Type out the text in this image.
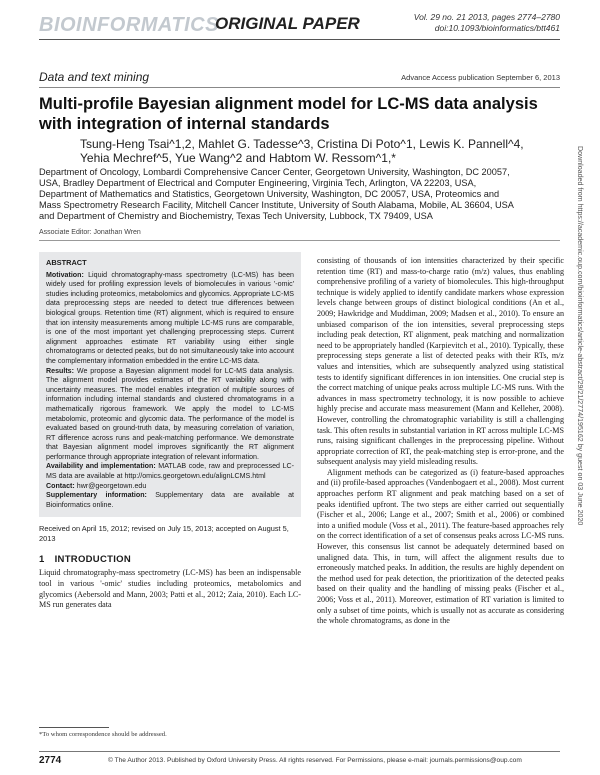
BIOINFORMATICS
ORIGINAL PAPER	Vol. 29 no. 21 2013, pages 2774–2780
doi:10.1093/bioinformatics/btt461
Data and text mining	Advance Access publication September 6, 2013
Multi-profile Bayesian alignment model for LC-MS data analysis with integration of internal standards
Tsung-Heng Tsai^1,2, Mahlet G. Tadesse^3, Cristina Di Poto^1, Lewis K. Pannell^4,
Yehia Mechref^5, Yue Wang^2 and Habtom W. Ressom^1,*
Department of Oncology, Lombardi Comprehensive Cancer Center, Georgetown University, Washington, DC 20057,
USA, Bradley Department of Electrical and Computer Engineering, Virginia Tech, Arlington, VA 22203, USA,
Department of Mathematics and Statistics, Georgetown University, Washington, DC 20057, USA, Proteomics and
Mass Spectrometry Research Facility, Mitchell Cancer Institute, University of South Alabama, Mobile, AL 36604, USA
and Department of Chemistry and Biochemistry, Texas Tech University, Lubbock, TX 79409, USA
Associate Editor: Jonathan Wren

ABSTRACT

Motivation: Liquid chromatography-mass spectrometry (LC-MS) has been widely used for profiling expression levels of biomolecules in various '-omic' studies including proteomics, metabolomics and glycomics. Appropriate LC-MS data preprocessing steps are needed to detect true differences between biological groups. Retention time (RT) alignment, which is required to ensure that ion intensity measurements among multiple LC-MS runs are comparable, is one of the most important yet challenging preprocessing steps. Current alignment approaches estimate RT variability using either single chromatograms or detected peaks, but do not simultaneously take into account the complementary information embedded in the entire LC-MS data.

Results: We propose a Bayesian alignment model for LC-MS data analysis. The alignment model provides estimates of the RT variability along with uncertainty measures. The model enables integration of multiple sources of information including internal standards and clustered chromatograms in a mathematically rigorous framework. We apply the model to LC-MS metabolomic, proteomic and glycomic data. The performance of the model is evaluated based on ground-truth data, by measuring correlation of variation, RT difference across runs and peak-matching performance. We demonstrate that Bayesian alignment model improves significantly the RT alignment performance through appropriate integration of relevant information.

Availability and implementation: MATLAB code, raw and preprocessed LC-MS data are available at http://omics.georgetown.edu/alignLCMS.html

Contact: hwr@georgetown.edu

Supplementary information: Supplementary data are available at Bioinformatics online.

Received on April 15, 2012; revised on July 15, 2013; accepted on August 5, 2013
1 INTRODUCTION

Liquid chromatography-mass spectrometry (LC-MS) has been an indispensable tool in various '-omic' studies including proteomics, metabolomics and glycomics (Aebersold and Mann, 2003; Patti et al., 2012; Zaia, 2010). Each LC-MS run generates data

*To whom correspondence should be addressed.

consisting of thousands of ion intensities characterized by their specific retention time (RT) and mass-to-charge ratio (m/z) values, thus enabling comprehensive profiling of a variety of biomolecules. This high-throughput technique is widely applied to identify candidate markers whose expression levels change between groups of distinct biological conditions (An et al., 2009; Hawkridge and Muddiman, 2009; Madsen et al., 2010). To ensure an unbiased comparison of the ion intensities, several preprocessing steps including peak detection, RT alignment, peak matching and normalization need to be appropriately handled (Karpievitch et al., 2010). Typically, these preprocessing steps generate a list of detected peaks with their RTs, m/z values and intensities, which are subsequently analyzed using statistical tests to identify significant differences in ion intensities. One crucial step is the correct matching of unique peaks across multiple LC-MS runs. With the advances in mass spectrometry technology, it is now possible to achieve highly precise and accurate mass measurement (Mann and Kelleher, 2008). However, controlling the chromatographic variability is still a challenging task. This often results in substantial variation in RT across multiple LC-MS runs, raising significant challenges in the preprocessing pipeline. Without appropriate correction of RT, the peak-matching step is error-prone, and the subsequent analysis may yield misleading results.

Alignment methods can be categorized as (i) feature-based approaches and (ii) profile-based approaches (Vandenbogaert et al., 2008). Most current approaches perform RT alignment and peak matching based on a set of peaks identified upfront. The two steps are either carried out sequentially (Fischer et al., 2006; Lange et al., 2007; Smith et al., 2006) or combined into a unified module (Voss et al., 2011). The feature-based approaches rely on the correct identification of a set of consensus peaks across LC-MS runs. However, this consensus list cannot be adequately determined based on unaligned data. This, in turn, will affect the alignment results due to erroneously matched peaks. In addition, the results are highly dependent on the method used for peak detection, the prioritization of the detected peaks based on their quality and the handling of missing peaks (Fischer et al., 2006; Voss et al., 2011). Moreover, estimation of RT variation is limited to only a subset of time points, which is usually not as accurate as considering the whole chromatograms, as done in the

Downloaded from https://academic.oup.com/bioinformatics/article-abstract/29/21/2774/195162 by guest on 03 June 2020
2774	© The Author 2013. Published by Oxford University Press. All rights reserved. For Permissions, please e-mail: journals.permissions@oup.com
